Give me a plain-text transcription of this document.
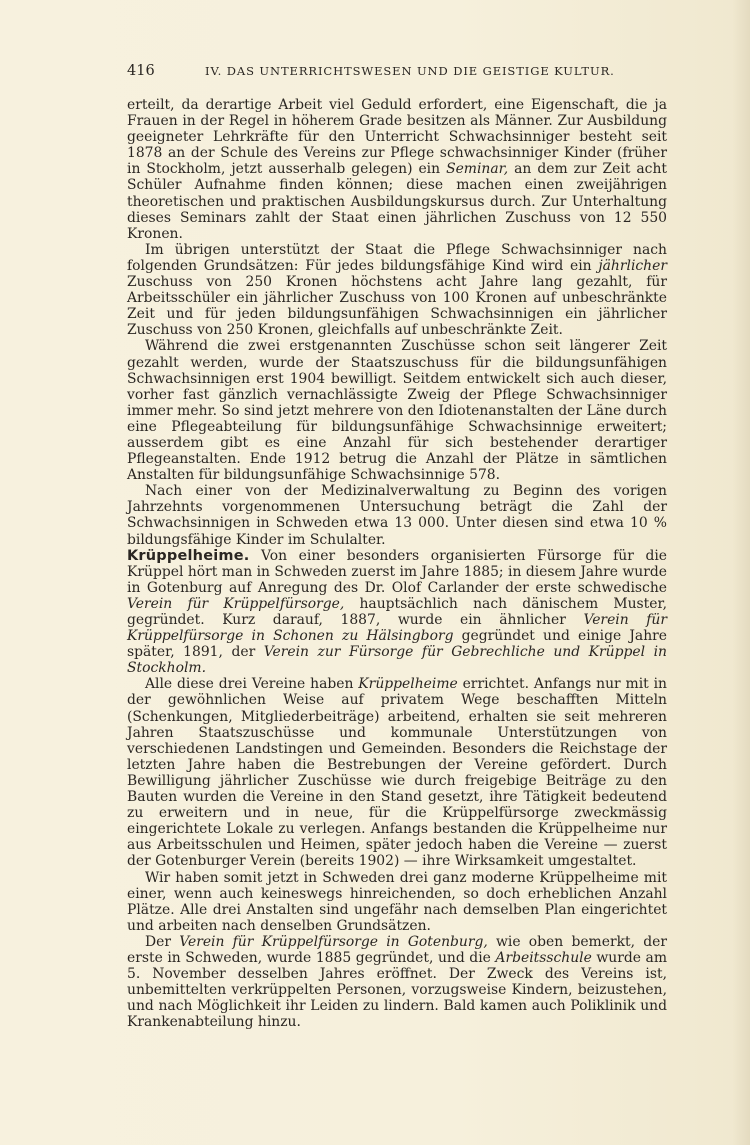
416	IV. DAS UNTERRICHTSWESEN UND DIE GEISTIGE KULTUR.

erteilt, da derartige Arbeit viel Geduld erfordert, eine Eigenschaft, die ja Frauen in der Regel in höherem Grade besitzen als Männer. Zur Ausbildung geeigneter Lehrkräfte für den Unterricht Schwachsinniger besteht seit 1878 an der Schule des Vereins zur Pflege schwachsinniger Kinder (früher in Stockholm, jetzt ausserhalb gelegen) ein Seminar, an dem zur Zeit acht Schüler Aufnahme finden können; diese machen einen zweijährigen theoretischen und praktischen Ausbildungskursus durch. Zur Unterhaltung dieses Seminars zahlt der Staat einen jährlichen Zuschuss von 12 550 Kronen.

Im übrigen unterstützt der Staat die Pflege Schwachsinniger nach folgenden Grundsätzen: Für jedes bildungsfähige Kind wird ein jährlicher Zuschuss von 250 Kronen höchstens acht Jahre lang gezahlt, für Arbeitsschüler ein jährlicher Zuschuss von 100 Kronen auf unbeschränkte Zeit und für jeden bildungsunfähigen Schwachsinnigen ein jährlicher Zuschuss von 250 Kronen, gleichfalls auf unbeschränkte Zeit.

Während die zwei erstgenannten Zuschüsse schon seit längerer Zeit gezahlt werden, wurde der Staatszuschuss für die bildungsunfähigen Schwachsinnigen erst 1904 bewilligt. Seitdem entwickelt sich auch dieser, vorher fast gänzlich vernachlässigte Zweig der Pflege Schwachsinniger immer mehr. So sind jetzt mehrere von den Idiotenanstalten der Läne durch eine Pflegeabteilung für bildungsunfähige Schwachsinnige erweitert; ausserdem gibt es eine Anzahl für sich bestehender derartiger Pflegeanstalten. Ende 1912 betrug die Anzahl der Plätze in sämtlichen Anstalten für bildungsunfähige Schwachsinnige 578.

Nach einer von der Medizinalverwaltung zu Beginn des vorigen Jahrzehnts vorgenommenen Untersuchung beträgt die Zahl der Schwachsinnigen in Schweden etwa 13 000. Unter diesen sind etwa 10 % bildungsfähige Kinder im Schulalter.

Krüppelheime. Von einer besonders organisierten Fürsorge für die Krüppel hört man in Schweden zuerst im Jahre 1885; in diesem Jahre wurde in Gotenburg auf Anregung des Dr. Olof Carlander der erste schwedische Verein für Krüppelfürsorge, hauptsächlich nach dänischem Muster, gegründet. Kurz darauf, 1887, wurde ein ähnlicher Verein für Krüppelfürsorge in Schonen zu Hälsingborg gegründet und einige Jahre später, 1891, der Verein zur Fürsorge für Gebrechliche und Krüppel in Stockholm.

Alle diese drei Vereine haben Krüppelheime errichtet. Anfangs nur mit in der gewöhnlichen Weise auf privatem Wege beschafften Mitteln (Schenkungen, Mitgliederbeiträge) arbeitend, erhalten sie seit mehreren Jahren Staatszuschüsse und kommunale Unterstützungen von verschiedenen Landstingen und Gemeinden. Besonders die Reichstage der letzten Jahre haben die Bestrebungen der Vereine gefördert. Durch Bewilligung jährlicher Zuschüsse wie durch freigebige Beiträge zu den Bauten wurden die Vereine in den Stand gesetzt, ihre Tätigkeit bedeutend zu erweitern und in neue, für die Krüppelfürsorge zweckmässig eingerichtete Lokale zu verlegen. Anfangs bestanden die Krüppelheime nur aus Arbeitsschulen und Heimen, später jedoch haben die Vereine — zuerst der Gotenburger Verein (bereits 1902) — ihre Wirksamkeit umgestaltet.

Wir haben somit jetzt in Schweden drei ganz moderne Krüppelheime mit einer, wenn auch keineswegs hinreichenden, so doch erheblichen Anzahl Plätze. Alle drei Anstalten sind ungefähr nach demselben Plan eingerichtet und arbeiten nach denselben Grundsätzen.

Der Verein für Krüppelfürsorge in Gotenburg, wie oben bemerkt, der erste in Schweden, wurde 1885 gegründet, und die Arbeitsschule wurde am 5. November desselben Jahres eröffnet. Der Zweck des Vereins ist, unbemittelten verkrüppelten Personen, vorzugsweise Kindern, beizustehen, und nach Möglichkeit ihr Leiden zu lindern. Bald kamen auch Poliklinik und Krankenabteilung hinzu.
